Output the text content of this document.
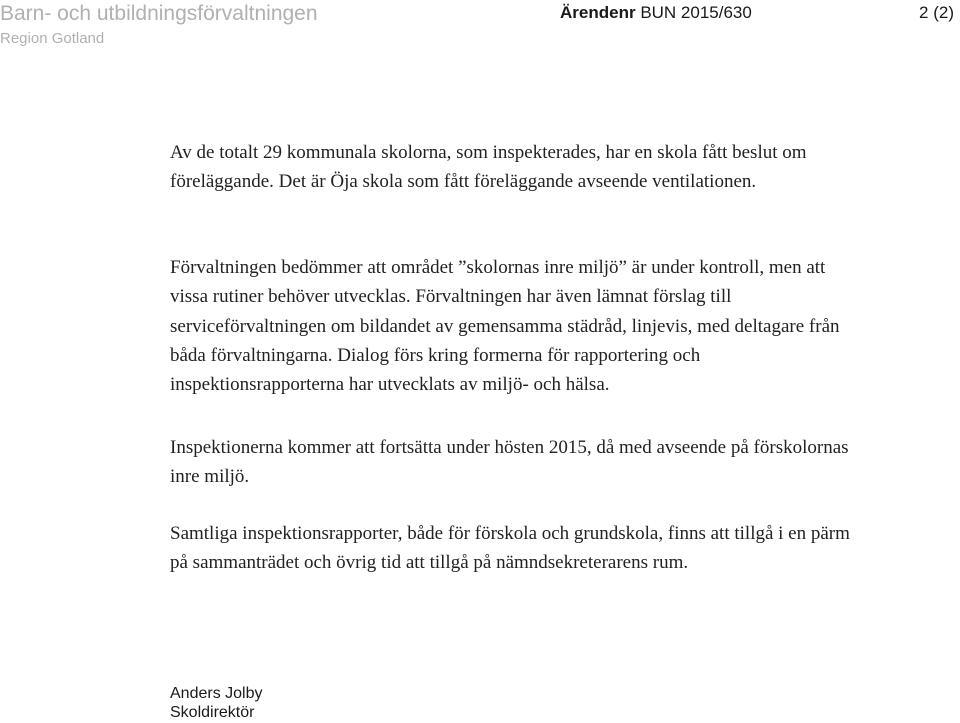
Barn- och utbildningsförvaltningen
Region Gotland
Ärendenr BUN 2015/630	2 (2)

Av de totalt 29 kommunala skolorna, som inspekterades, har en skola fått beslut om föreläggande. Det är Öja skola som fått föreläggande avseende ventilationen.

Förvaltningen bedömmer att området ”skolornas inre miljö” är under kontroll, men att vissa rutiner behöver utvecklas. Förvaltningen har även lämnat förslag till serviceförvaltningen om bildandet av gemensamma städråd, linjevis, med deltagare från båda förvaltningarna. Dialog förs kring formerna för rapportering och inspektionsrapporterna har utvecklats av miljö- och hälsa.

Inspektionerna kommer att fortsätta under hösten 2015, då med avseende på förskolornas inre miljö.

Samtliga inspektionsrapporter, både för förskola och grundskola, finns att tillgå i en pärm på sammanträdet och övrig tid att tillgå på nämndsekreterarens rum.

Anders Jolby
Skoldirektör
